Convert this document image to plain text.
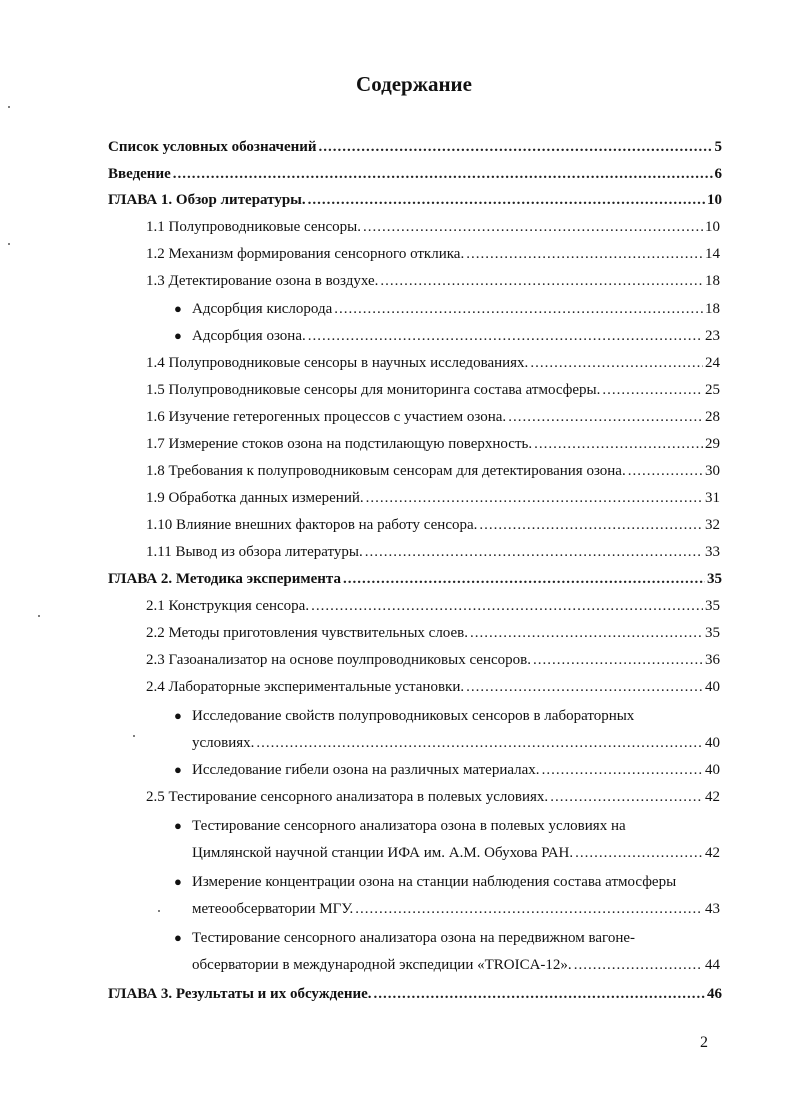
Содержание
Список условных обозначений .....	5
Введение .....	6
ГЛАВА 1. Обзор литературы. .....	10
1.1 Полупроводниковые сенсоры. .....	10
1.2 Механизм формирования сенсорного отклика. .....	14
1.3 Детектирование озона в воздухе. .....	18
● Адсорбция кислорода .....	18
● Адсорбция озона. .....	23
1.4 Полупроводниковые сенсоры в научных исследованиях. .....	24
1.5 Полупроводниковые сенсоры для мониторинга состава атмосферы. .....	25
1.6 Изучение гетерогенных процессов с участием озона. .....	28
1.7 Измерение стоков озона на подстилающую поверхность. .....	29
1.8 Требования к полупроводниковым сенсорам для детектирования озона. .....	30
1.9 Обработка данных измерений. .....	31
1.10 Влияние внешних факторов на работу сенсора. .....	32
1.11 Вывод из обзора литературы. .....	33
ГЛАВА 2. Методика эксперимента .....	35
2.1 Конструкция сенсора. .....	35
2.2 Методы приготовления чувствительных слоев. .....	35
2.3 Газоанализатор на основе поулпроводниковых сенсоров. .....	36
2.4 Лабораторные экспериментальные установки. .....	40
● Исследование свойств полупроводниковых сенсоров в лабораторных
условиях. .....	40
● Исследование гибели озона на различных материалах. .....	40
2.5 Тестирование сенсорного анализатора в полевых условиях. .....	42
● Тестирование сенсорного анализатора озона в полевых условиях на
Цимлянской научной станции ИФА им. А.М. Обухова РАН. .....	42
● Измерение концентрации озона на станции наблюдения состава атмосферы
метеообсерватории МГУ. .....	43
● Тестирование сенсорного анализатора озона на передвижном вагоне-
обсерватории в международной экспедиции «TROICA-12». .....	44
ГЛАВА 3. Результаты и их обсуждение. .....	46
2
